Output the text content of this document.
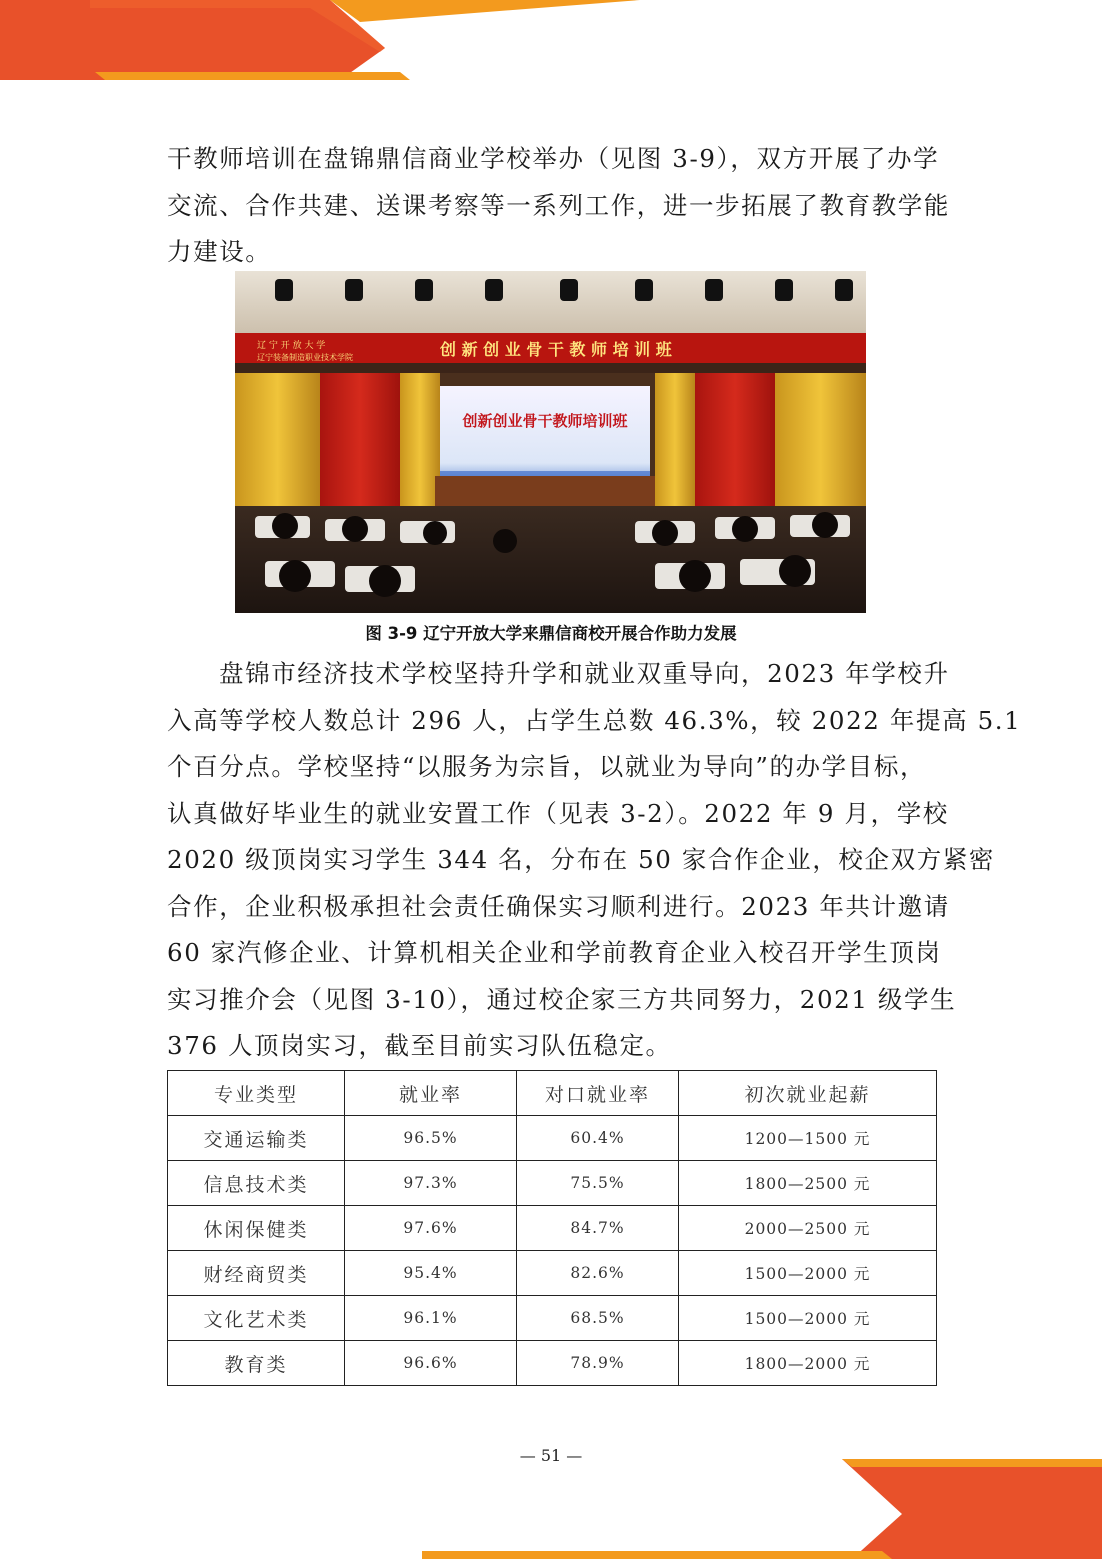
干教师培训在盘锦鼎信商业学校举办（见图 3-9），双方开展了办学
交流、合作共建、送课考察等一系列工作，进一步拓展了教育教学能
力建设。
辽 宁 开 放 大 学
辽宁装备制造职业技术学院	创 新 创 业 骨 干 教 师 培 训 班
创新创业骨干教师培训班
图 3-9 辽宁开放大学来鼎信商校开展合作助力发展
盘锦市经济技术学校坚持升学和就业双重导向，2023 年学校升
入高等学校人数总计 296 人，占学生总数 46.3%，较 2022 年提高 5.1
个百分点。学校坚持“以服务为宗旨，以就业为导向”的办学目标，
认真做好毕业生的就业安置工作（见表 3-2）。2022 年 9 月，学校
2020 级顶岗实习学生 344 名，分布在 50 家合作企业，校企双方紧密
合作，企业积极承担社会责任确保实习顺利进行。2023 年共计邀请
60 家汽修企业、计算机相关企业和学前教育企业入校召开学生顶岗
实习推介会（见图 3-10），通过校企家三方共同努力，2021 级学生
376 人顶岗实习，截至目前实习队伍稳定。
专业类型	就业率	对口就业率	初次就业起薪
交通运输类	96.5%	60.4%	1200—1500 元
信息技术类	97.3%	75.5%	1800—2500 元
休闲保健类	97.6%	84.7%	2000—2500 元
财经商贸类	95.4%	82.6%	1500—2000 元
文化艺术类	96.1%	68.5%	1500—2000 元
教育类	96.6%	78.9%	1800—2000 元
— 51 —
